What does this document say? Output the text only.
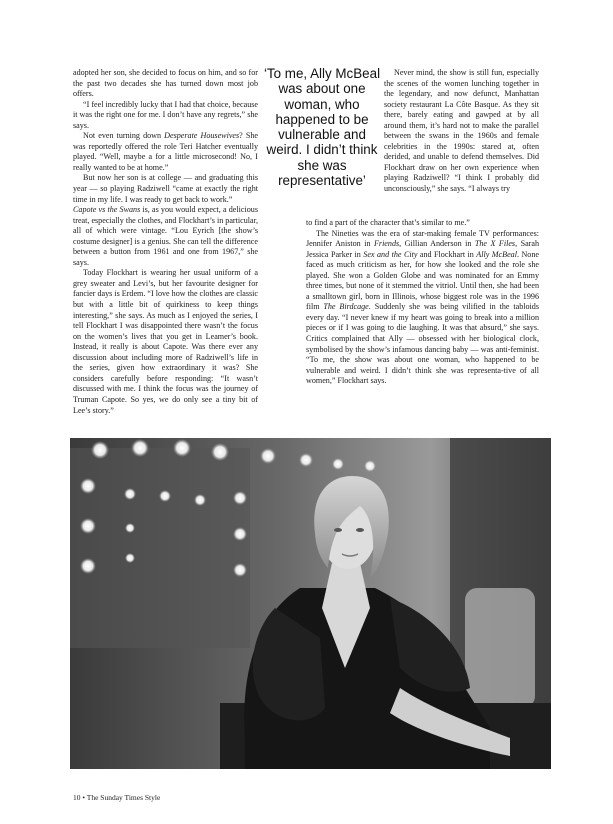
adopted her son, she decided to focus on him, and so for the past two decades she has turned down most job offers.

“I feel incredibly lucky that I had that choice, because it was the right one for me. I don’t have any regrets,” she says.

Not even turning down Desperate Housewives? She was reportedly offered the role Teri Hatcher eventually played. “Well, maybe a for a little microsecond! No, I really wanted to be at home.”

But now her son is at college — and graduating this year — so playing Radziwell “came at exactly the right time in my life. I was ready to get back to work.”

Capote vs the Swans is, as you would expect, a delicious treat, especially the clothes, and Flockhart’s in particular, all of which were vintage. “Lou Eyrich [the show’s costume designer] is a genius. She can tell the difference between a button from 1961 and one from 1967,” she says.

Today Flockhart is wearing her usual uniform of a grey sweater and Levi’s, but her favourite designer for fancier days is Erdem. “I love how the clothes are classic but with a little bit of quirkiness to keep things interesting,” she says. As much as I enjoyed the series, I tell Flockhart I was disappointed there wasn’t the focus on the women’s lives that you get in Leamer’s book. Instead, it really is about Capote. Was there ever any discussion about including more of Radziwell’s life in the series, given how extraordinary it was? She considers carefully before responding: “It wasn’t discussed with me. I think the focus was the journey of Truman Capote. So yes, we do only see a tiny bit of Lee’s story.”

‘To me, Ally McBeal was about one woman, who happened to be vulnerable and weird. I didn’t think she was representative’

Never mind, the show is still fun, especially the scenes of the women lunching together in the legendary, and now defunct, Manhattan society restaurant La Côte Basque. As they sit there, barely eating and gawped at by all around them, it’s hard not to make the parallel between the swans in the 1960s and female celebrities in the 1990s: stared at, often derided, and unable to defend themselves. Did Flockhart draw on her own experience when playing Radziwell? “I think I probably did unconsciously,” she says. “I always try

to find a part of the character that’s similar to me.”

The Nineties was the era of star-making female TV performances: Jennifer Aniston in Friends, Gillian Anderson in The X Files, Sarah Jessica Parker in Sex and the City and Flockhart in Ally McBeal. None faced as much criticism as her, for how she looked and the role she played. She won a Golden Globe and was nominated for an Emmy three times, but none of it stemmed the vitriol. Until then, she had been a smalltown girl, born in Illinois, whose biggest role was in the 1996 film The Birdcage. Suddenly she was being vilified in the tabloids every day. “I never knew if my heart was going to break into a million pieces or if I was going to die laughing. It was that absurd,” she says. Critics complained that Ally — obsessed with her biological clock, symbolised by the show’s infamous dancing baby — was anti-feminist. “To me, the show was about one woman, who happened to be vulnerable and weird. I didn’t think she was representa-tive of all women,” Flockhart says.

10 • The Sunday Times Style
